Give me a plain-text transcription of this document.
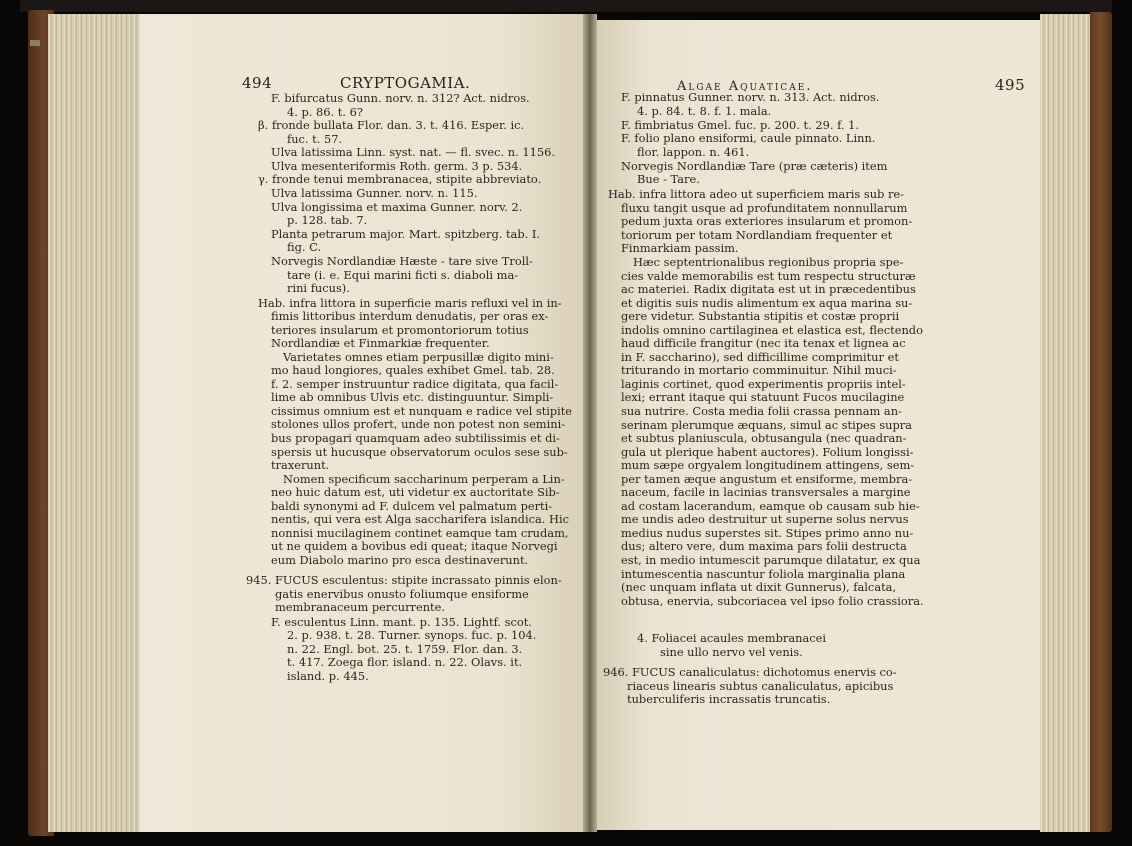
494	CRYPTOGAMIA.	Algae Aquaticae.	495
F. bifurcatus Gunn. norv. n. 312? Act. nidros.
4. p. 86. t. 6?
β. fronde bullata Flor. dan. 3. t. 416. Esper. ic.
fuc. t. 57.
Ulva latissima Linn. syst. nat. — fl. svec. n. 1156.
Ulva mesenteriformis Roth. germ. 3 p. 534.
γ. fronde tenui membranacea, stipite abbreviato.
Ulva latissima Gunner. norv. n. 115.
Ulva longissima et maxima Gunner. norv. 2.
p. 128. tab. 7.
Planta petrarum major. Mart. spitzberg. tab. I.
fig. C.
Norvegis Nordlandiæ Hæste - tare sive Troll-
tare (i. e. Equi marini ficti s. diaboli ma-
rini fucus).
Hab. infra littora in superficie maris refluxi vel in in-
fimis littoribus interdum denudatis, per oras ex-
teriores insularum et promontoriorum totius
Nordlandiæ et Finmarkiæ frequenter.
Varietates omnes etiam perpusillæ digito mini-
mo haud longiores, quales exhibet Gmel. tab. 28.
f. 2. semper instruuntur radice digitata, qua facil-
lime ab omnibus Ulvis etc. distinguuntur. Simpli-
cissimus omnium est et nunquam e radice vel stipite
stolones ullos profert, unde non potest non semini-
bus propagari quamquam adeo subtilissimis et di-
spersis ut hucusque observatorum oculos sese sub-
traxerunt.
Nomen specificum saccharinum perperam a Lin-
neo huic datum est, uti videtur ex auctoritate Sib-
baldi synonymi ad F. dulcem vel palmatum perti-
nentis, qui vera est Alga saccharifera islandica. Hic
nonnisi mucilaginem continet eamque tam crudam,
ut ne quidem a bovibus edi queat; itaque Norvegi
eum Diabolo marino pro esca destinaverunt.
945. FUCUS esculentus: stipite incrassato pinnis elon-
gatis enervibus onusto foliumque ensiforme
membranaceum percurrente.
F. esculentus Linn. mant. p. 135. Lightf. scot.
2. p. 938. t. 28. Turner. synops. fuc. p. 104.
n. 22. Engl. bot. 25. t. 1759. Flor. dan. 3.
t. 417. Zoega flor. island. n. 22. Olavs. it.
island. p. 445.
F. pinnatus Gunner. norv. n. 313. Act. nidros.
4. p. 84. t. 8. f. 1. mala.
F. fimbriatus Gmel. fuc. p. 200. t. 29. f. 1.
F. folio plano ensiformi, caule pinnato. Linn.
flor. lappon. n. 461.
Norvegis Nordlandiæ Tare (præ cæteris) item
Bue - Tare.
Hab. infra littora adeo ut superficiem maris sub re-
fluxu tangit usque ad profunditatem nonnullarum
pedum juxta oras exteriores insularum et promon-
toriorum per totam Nordlandiam frequenter et
Finmarkiam passim.
Hæc septentrionalibus regionibus propria spe-
cies valde memorabilis est tum respectu structuræ
ac materiei. Radix digitata est ut in præcedentibus
et digitis suis nudis alimentum ex aqua marina su-
gere videtur. Substantia stipitis et costæ proprii
indolis omnino cartilaginea et elastica est, flectendo
haud difficile frangitur (nec ita tenax et lignea ac
in F. saccharino), sed difficillime comprimitur et
triturando in mortario comminuitur. Nihil muci-
laginis cortinet, quod experimentis propriis intel-
lexi; errant itaque qui statuunt Fucos mucilagine
sua nutrire. Costa media folii crassa pennam an-
serinam plerumque æquans, simul ac stipes supra
et subtus planiuscula, obtusangula (nec quadran-
gula ut plerique habent auctores). Folium longissi-
mum sæpe orgyalem longitudinem attingens, sem-
per tamen æque angustum et ensiforme, membra-
naceum, facile in lacinias transversales a margine
ad costam lacerandum, eamque ob causam sub hie-
me undis adeo destruitur ut superne solus nervus
medius nudus superstes sit. Stipes primo anno nu-
dus; altero vere, dum maxima pars folii destructa
est, in medio intumescit parumque dilatatur, ex qua
intumescentia nascuntur foliola marginalia plana
(nec unquam inflata ut dixit Gunnerus), falcata,
obtusa, enervia, subcoriacea vel ipso folio crassiora.
4. Foliacei acaules membranacei
sine ullo nervo vel venis.
946. FUCUS canaliculatus: dichotomus enervis co-
riaceus linearis subtus canaliculatus, apicibus
tuberculiferis incrassatis truncatis.
